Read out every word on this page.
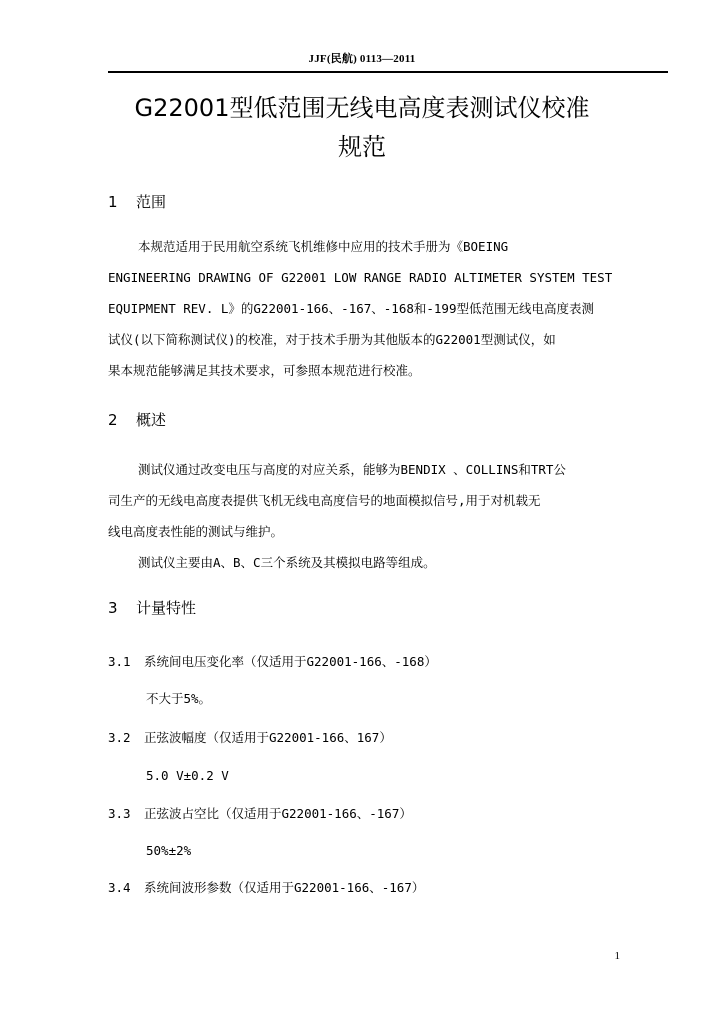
JJF(民航) 0113—2011
G22001型低范围无线电高度表测试仪校准
规范
1 范围
本规范适用于民用航空系统飞机维修中应用的技术手册为《BOEING
ENGINEERING DRAWING OF G22001 LOW RANGE RADIO ALTIMETER SYSTEM TEST
EQUIPMENT REV. L》的G22001-166、-167、-168和-199型低范围无线电高度表测
试仪(以下简称测试仪)的校准，对于技术手册为其他版本的G22001型测试仪，如
果本规范能够满足其技术要求，可参照本规范进行校准。
2 概述
测试仪通过改变电压与高度的对应关系，能够为BENDIX 、COLLINS和TRT公
司生产的无线电高度表提供飞机无线电高度信号的地面模拟信号,用于对机载无
线电高度表性能的测试与维护。
测试仪主要由A、B、C三个系统及其模拟电路等组成。
3 计量特性
3.1 系统间电压变化率（仅适用于G22001-166、-168）
不大于5%。
3.2 正弦波幅度（仅适用于G22001-166、167）
5.0 V±0.2 V
3.3 正弦波占空比（仅适用于G22001-166、-167）
50%±2%
3.4 系统间波形参数（仅适用于G22001-166、-167）
1
